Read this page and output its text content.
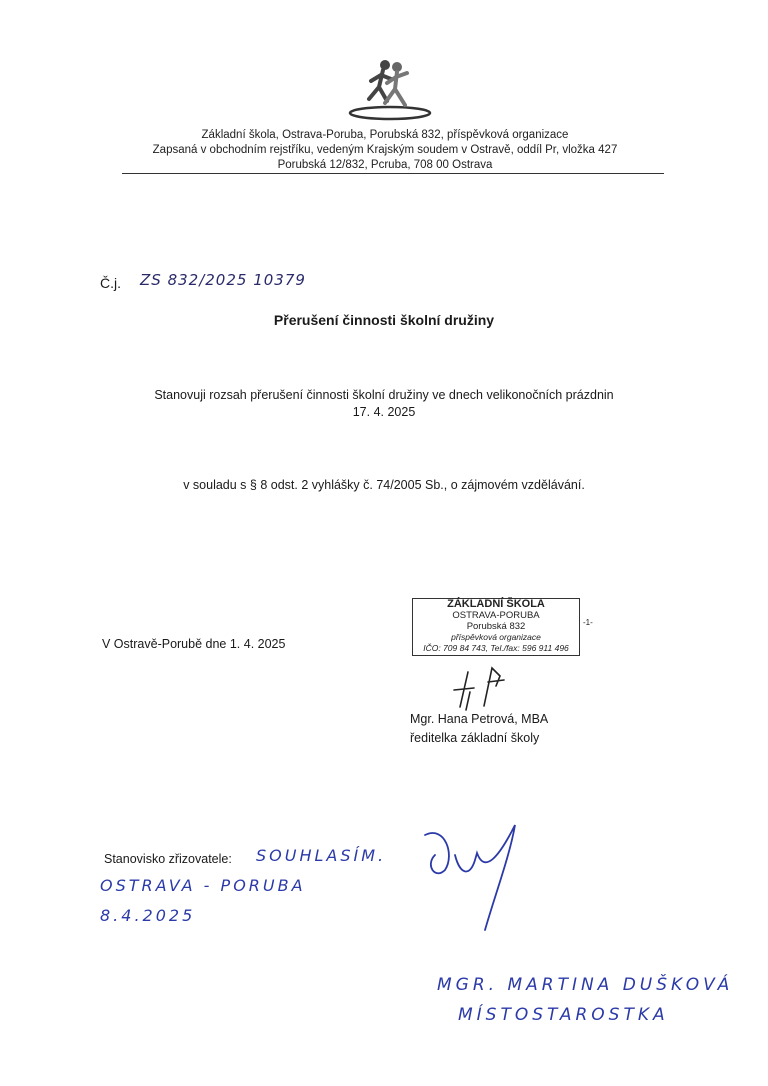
Základní škola, Ostrava-Poruba, Porubská 832, příspěvková organizace
Zapsaná v obchodním rejstříku, vedeným Krajským soudem v Ostravě, oddíl Pr, vložka 427
Porubská 12/832, Pcruba, 708 00 Ostrava
Č.j. ZS 832/2025 10379
Přerušení činnosti školní družiny
Stanovuji rozsah přerušení činnosti školní družiny ve dnech velikonočních prázdnin
17. 4. 2025
v souladu s § 8 odst. 2 vyhlášky č. 74/2005 Sb., o zájmovém vzdělávání.
V Ostravě-Porubě dne 1. 4. 2025
ZÁKLADNÍ ŠKOLA
OSTRAVA-PORUBA
Porubská 832
příspěvková organizace
IČO: 709 84 743, Tel./fax: 596 911 496
-1-
Mgr. Hana Petrová, MBA
ředitelka základní školy
Stanovisko zřizovatele: SOUHLASÍM.
OSTRAVA - PORUBA
8.4.2025
MGR. MARTINA DUŠKOVÁ
MÍSTOSTAROSTKA
